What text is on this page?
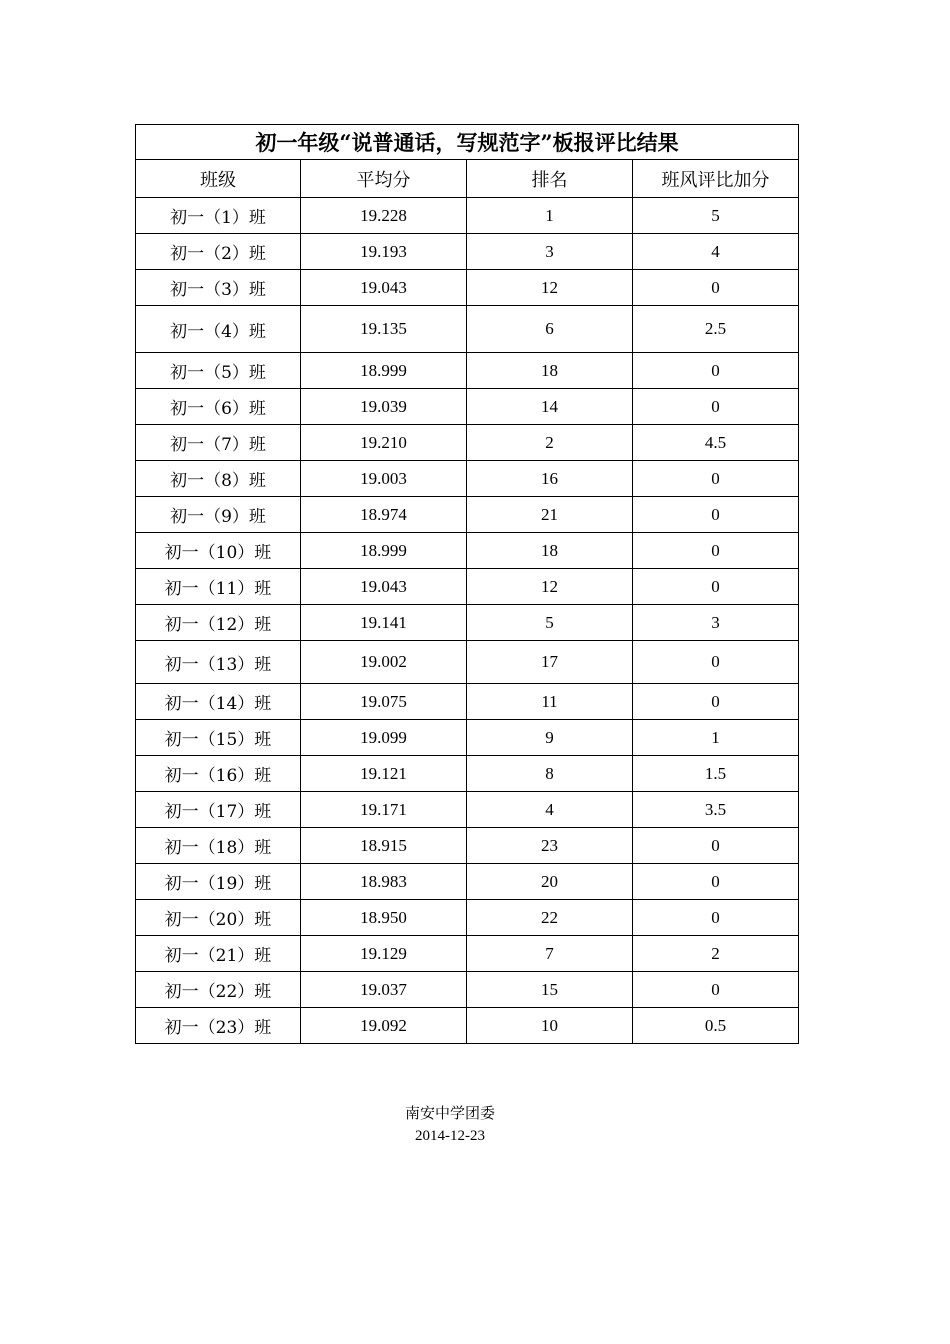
初一年级“说普通话，写规范字”板报评比结果			
班级	平均分	排名	班风评比加分
初一（1）班	19.228	1	5
初一（2）班	19.193	3	4
初一（3）班	19.043	12	0
初一（4）班	19.135	6	2.5
初一（5）班	18.999	18	0
初一（6）班	19.039	14	0
初一（7）班	19.210	2	4.5
初一（8）班	19.003	16	0
初一（9）班	18.974	21	0
初一（10）班	18.999	18	0
初一（11）班	19.043	12	0
初一（12）班	19.141	5	3
初一（13）班	19.002	17	0
初一（14）班	19.075	11	0
初一（15）班	19.099	9	1
初一（16）班	19.121	8	1.5
初一（17）班	19.171	4	3.5
初一（18）班	18.915	23	0
初一（19）班	18.983	20	0
初一（20）班	18.950	22	0
初一（21）班	19.129	7	2
初一（22）班	19.037	15	0
初一（23）班	19.092	10	0.5
南安中学团委
2014-12-23
